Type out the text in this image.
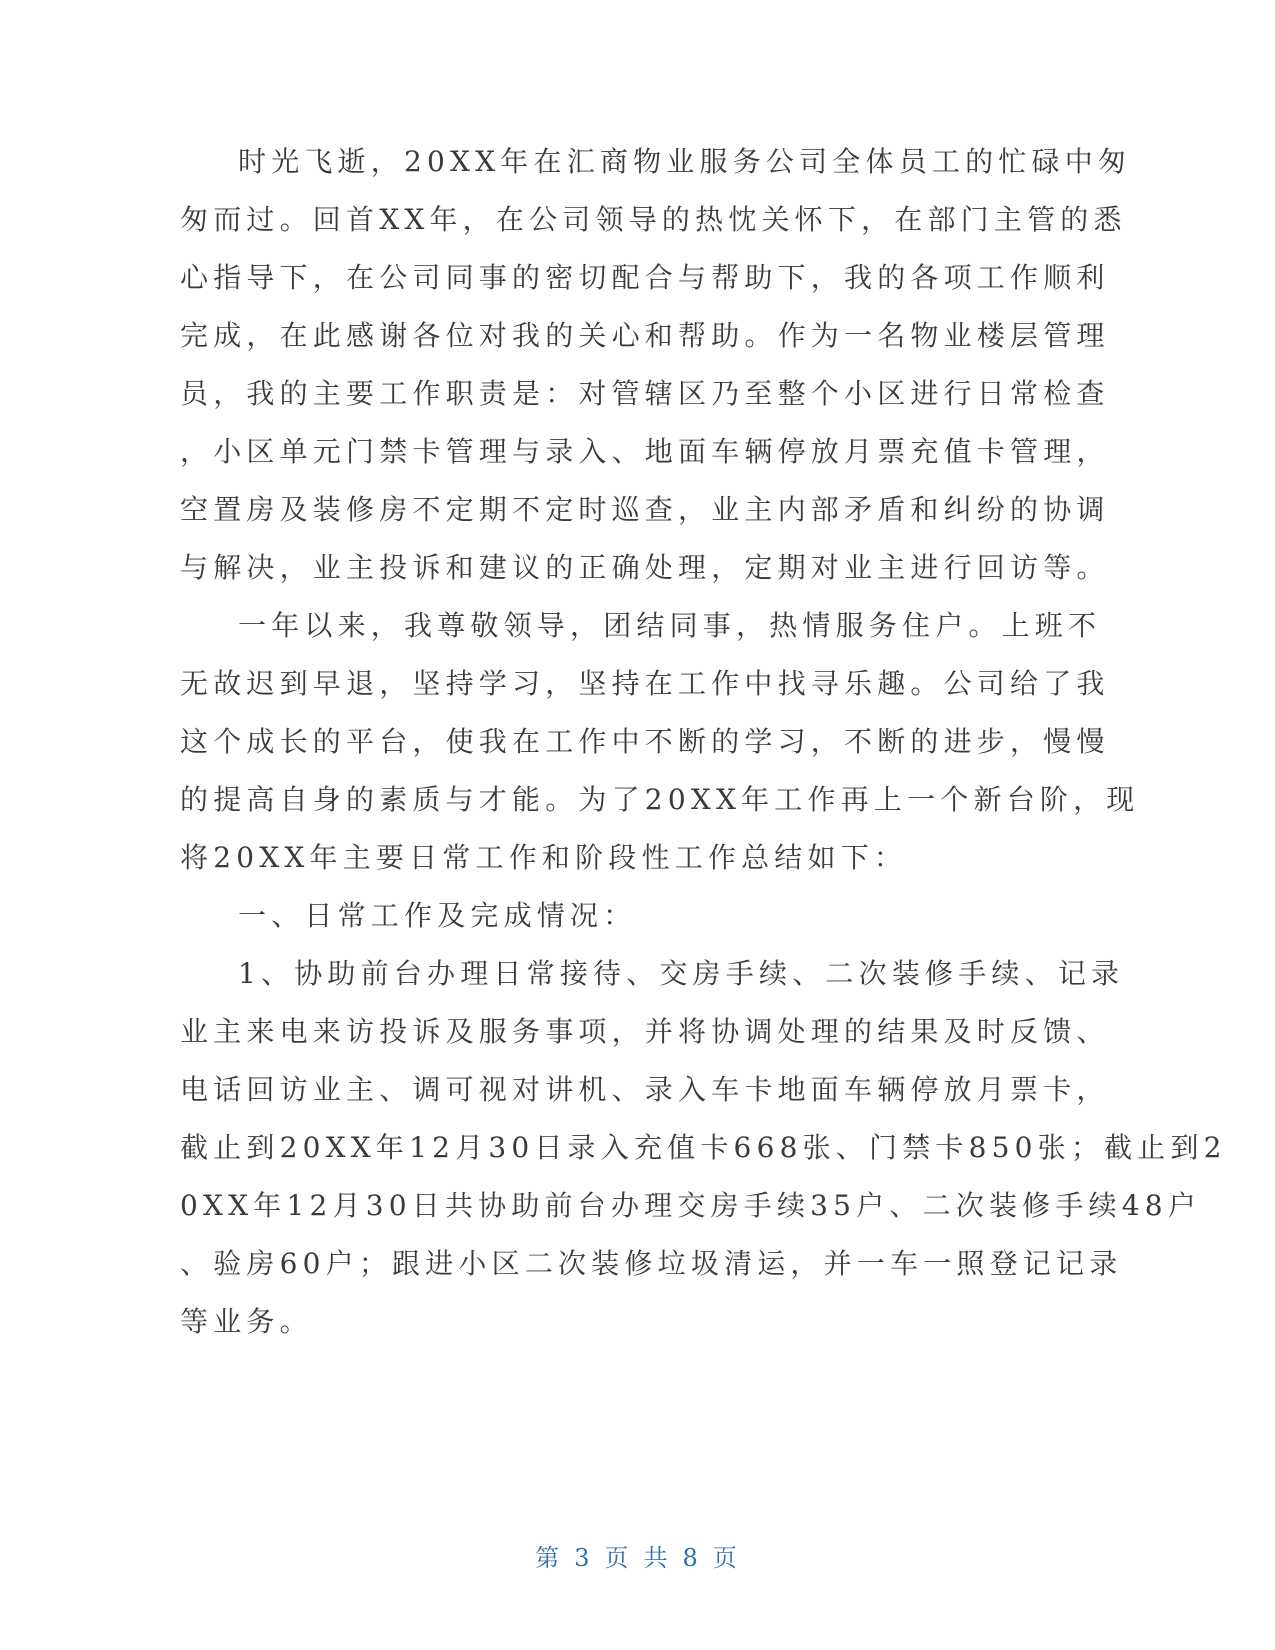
时光飞逝，20XX年在汇商物业服务公司全体员工的忙碌中匆
匆而过。回首XX年，在公司领导的热忱关怀下，在部门主管的悉
心指导下，在公司同事的密切配合与帮助下，我的各项工作顺利
完成，在此感谢各位对我的关心和帮助。作为一名物业楼层管理
员，我的主要工作职责是：对管辖区乃至整个小区进行日常检查
，小区单元门禁卡管理与录入、地面车辆停放月票充值卡管理，
空置房及装修房不定期不定时巡查，业主内部矛盾和纠纷的协调
与解决，业主投诉和建议的正确处理，定期对业主进行回访等。
一年以来，我尊敬领导，团结同事，热情服务住户。上班不
无故迟到早退，坚持学习，坚持在工作中找寻乐趣。公司给了我
这个成长的平台，使我在工作中不断的学习，不断的进步，慢慢
的提高自身的素质与才能。为了20XX年工作再上一个新台阶，现
将20XX年主要日常工作和阶段性工作总结如下：
一、日常工作及完成情况：
1、协助前台办理日常接待、交房手续、二次装修手续、记录
业主来电来访投诉及服务事项，并将协调处理的结果及时反馈、
电话回访业主、调可视对讲机、录入车卡地面车辆停放月票卡，
截止到20XX年12月30日录入充值卡668张、门禁卡850张；截止到2
0XX年12月30日共协助前台办理交房手续35户、二次装修手续48户
、验房60户；跟进小区二次装修垃圾清运，并一车一照登记记录
等业务。
第 3 页 共 8 页
